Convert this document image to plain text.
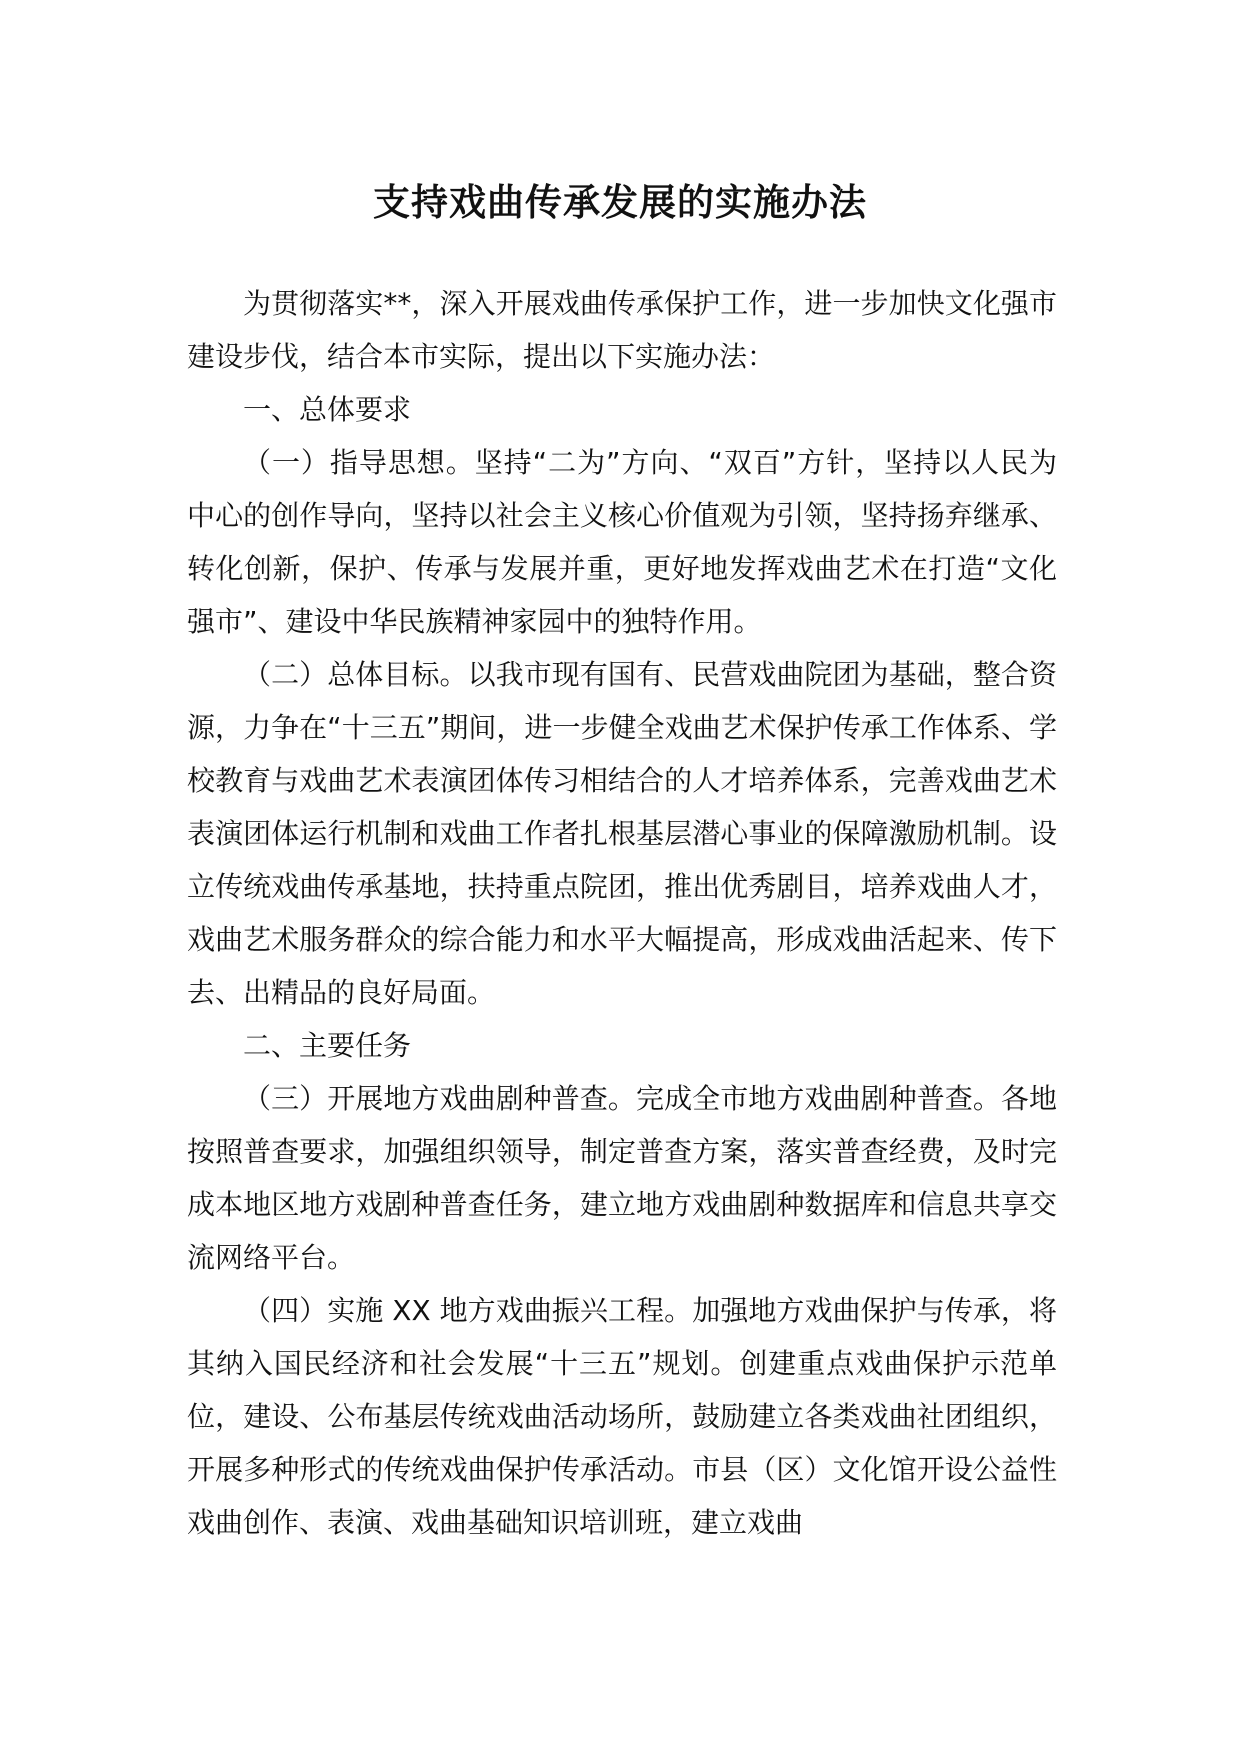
支持戏曲传承发展的实施办法

为贯彻落实**，深入开展戏曲传承保护工作，进一步加快文化强市建设步伐，结合本市实际，提出以下实施办法：

一、总体要求

（一）指导思想。坚持“二为”方向、“双百”方针，坚持以人民为中心的创作导向，坚持以社会主义核心价值观为引领，坚持扬弃继承、转化创新，保护、传承与发展并重，更好地发挥戏曲艺术在打造“文化强市”、建设中华民族精神家园中的独特作用。

（二）总体目标。以我市现有国有、民营戏曲院团为基础，整合资源，力争在“十三五”期间，进一步健全戏曲艺术保护传承工作体系、学校教育与戏曲艺术表演团体传习相结合的人才培养体系，完善戏曲艺术表演团体运行机制和戏曲工作者扎根基层潜心事业的保障激励机制。设立传统戏曲传承基地，扶持重点院团，推出优秀剧目，培养戏曲人才，戏曲艺术服务群众的综合能力和水平大幅提高，形成戏曲活起来、传下去、出精品的良好局面。

二、主要任务

（三）开展地方戏曲剧种普查。完成全市地方戏曲剧种普查。各地按照普查要求，加强组织领导，制定普查方案，落实普查经费，及时完成本地区地方戏剧种普查任务，建立地方戏曲剧种数据库和信息共享交流网络平台。

（四）实施 XX 地方戏曲振兴工程。加强地方戏曲保护与传承，将其纳入国民经济和社会发展“十三五”规划。创建重点戏曲保护示范单位，建设、公布基层传统戏曲活动场所，鼓励建立各类戏曲社团组织，开展多种形式的传统戏曲保护传承活动。市县（区）文化馆开设公益性戏曲创作、表演、戏曲基础知识培训班，建立戏曲
